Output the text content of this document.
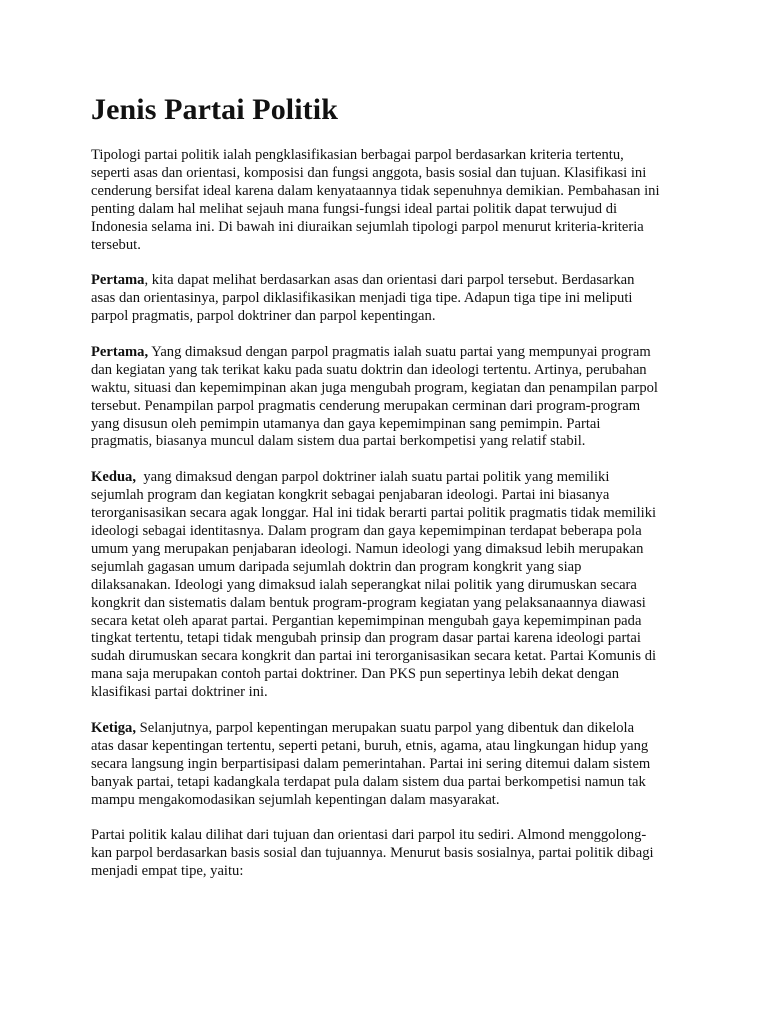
Jenis Partai Politik

Tipologi partai politik ialah pengklasifikasian berbagai parpol berdasarkan kriteria tertentu,
seperti asas dan orientasi, komposisi dan fungsi anggota, basis sosial dan tujuan. Klasifikasi ini
cenderung bersifat ideal karena dalam kenyataannya tidak sepenuhnya demikian. Pembahasan ini
penting dalam hal melihat sejauh mana fungsi-fungsi ideal partai politik dapat terwujud di
Indonesia selama ini. Di bawah ini diuraikan sejumlah tipologi parpol menurut kriteria-kriteria
tersebut.

Pertama, kita dapat melihat berdasarkan asas dan orientasi dari parpol tersebut. Berdasarkan
asas dan orientasinya, parpol diklasifikasikan menjadi tiga tipe. Adapun tiga tipe ini meliputi
parpol pragmatis, parpol doktriner dan parpol kepentingan.

Pertama, Yang dimaksud dengan parpol pragmatis ialah suatu partai yang mempunyai program
dan kegiatan yang tak terikat kaku pada suatu doktrin dan ideologi tertentu. Artinya, perubahan
waktu, situasi dan kepemimpinan akan juga mengubah program, kegiatan dan penampilan parpol
tersebut. Penampilan parpol pragmatis cenderung merupakan cerminan dari program-program
yang disusun oleh pemimpin utamanya dan gaya kepemimpinan sang pemimpin. Partai
pragmatis, biasanya muncul dalam sistem dua partai berkompetisi yang relatif stabil.

Kedua,  yang dimaksud dengan parpol doktriner ialah suatu partai politik yang memiliki
sejumlah program dan kegiatan kongkrit sebagai penjabaran ideologi. Partai ini biasanya
terorganisasikan secara agak longgar. Hal ini tidak berarti partai politik pragmatis tidak memiliki
ideologi sebagai identitasnya. Dalam program dan gaya kepemimpinan terdapat beberapa pola
umum yang merupakan penjabaran ideologi. Namun ideologi yang dimaksud lebih merupakan
sejumlah gagasan umum daripada sejumlah doktrin dan program kongkrit yang siap
dilaksanakan. Ideologi yang dimaksud ialah seperangkat nilai politik yang dirumuskan secara
kongkrit dan sistematis dalam bentuk program-program kegiatan yang pelaksanaannya diawasi
secara ketat oleh aparat partai. Pergantian kepemimpinan mengubah gaya kepemimpinan pada
tingkat tertentu, tetapi tidak mengubah prinsip dan program dasar partai karena ideologi partai
sudah dirumuskan secara kongkrit dan partai ini terorganisasikan secara ketat. Partai Komunis di
mana saja merupakan contoh partai doktriner. Dan PKS pun sepertinya lebih dekat dengan
klasifikasi partai doktriner ini.

Ketiga, Selanjutnya, parpol kepentingan merupakan suatu parpol yang dibentuk dan dikelola
atas dasar kepentingan tertentu, seperti petani, buruh, etnis, agama, atau lingkungan hidup yang
secara langsung ingin berpartisipasi dalam pemerintahan. Partai ini sering ditemui dalam sistem
banyak partai, tetapi kadangkala terdapat pula dalam sistem dua partai berkompetisi namun tak
mampu mengakomodasikan sejumlah kepentingan dalam masyarakat.

Partai politik kalau dilihat dari tujuan dan orientasi dari parpol itu sediri. Almond menggolong-
kan parpol berdasarkan basis sosial dan tujuannya. Menurut basis sosialnya, partai politik dibagi
menjadi empat tipe, yaitu:
